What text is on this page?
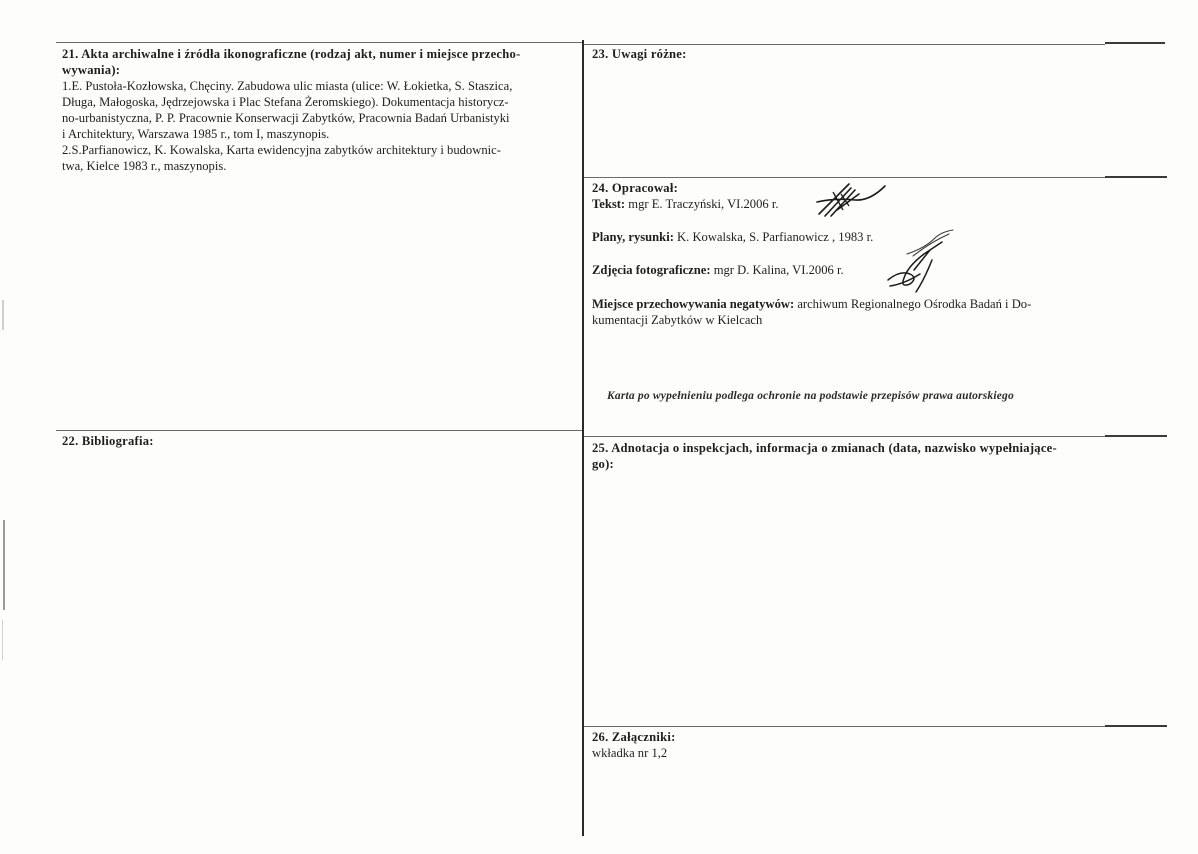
21. Akta archiwalne i źródła ikonograficzne (rodzaj akt, numer i miejsce przecho-
wywania):
1.E. Pustoła-Kozłowska, Chęciny. Zabudowa ulic miasta (ulice: W. Łokietka, S. Staszica,
Długa, Małogoska, Jędrzejowska i Plac Stefana Żeromskiego). Dokumentacja historycz-
no-urbanistyczna, P. P. Pracownie Konserwacji Zabytków, Pracownia Badań Urbanistyki
i Architektury, Warszawa 1985 r., tom I, maszynopis.
2.S.Parfianowicz, K. Kowalska, Karta ewidencyjna zabytków architektury i budownic-
twa, Kielce 1983 r., maszynopis.
22. Bibliografia:
23. Uwagi różne:
24. Opracował:
Tekst: mgr E. Traczyński, VI.2006 r.
Plany, rysunki: K. Kowalska, S. Parfianowicz , 1983 r.
Zdjęcia fotograficzne: mgr D. Kalina, VI.2006 r.
Miejsce przechowywania negatywów: archiwum Regionalnego Ośrodka Badań i Do-
kumentacji Zabytków w Kielcach
Karta po wypełnieniu podlega ochronie na podstawie przepisów prawa autorskiego
25. Adnotacja o inspekcjach, informacja o zmianach (data, nazwisko wypełniające-
go):
26. Załączniki:
wkładka nr 1,2
